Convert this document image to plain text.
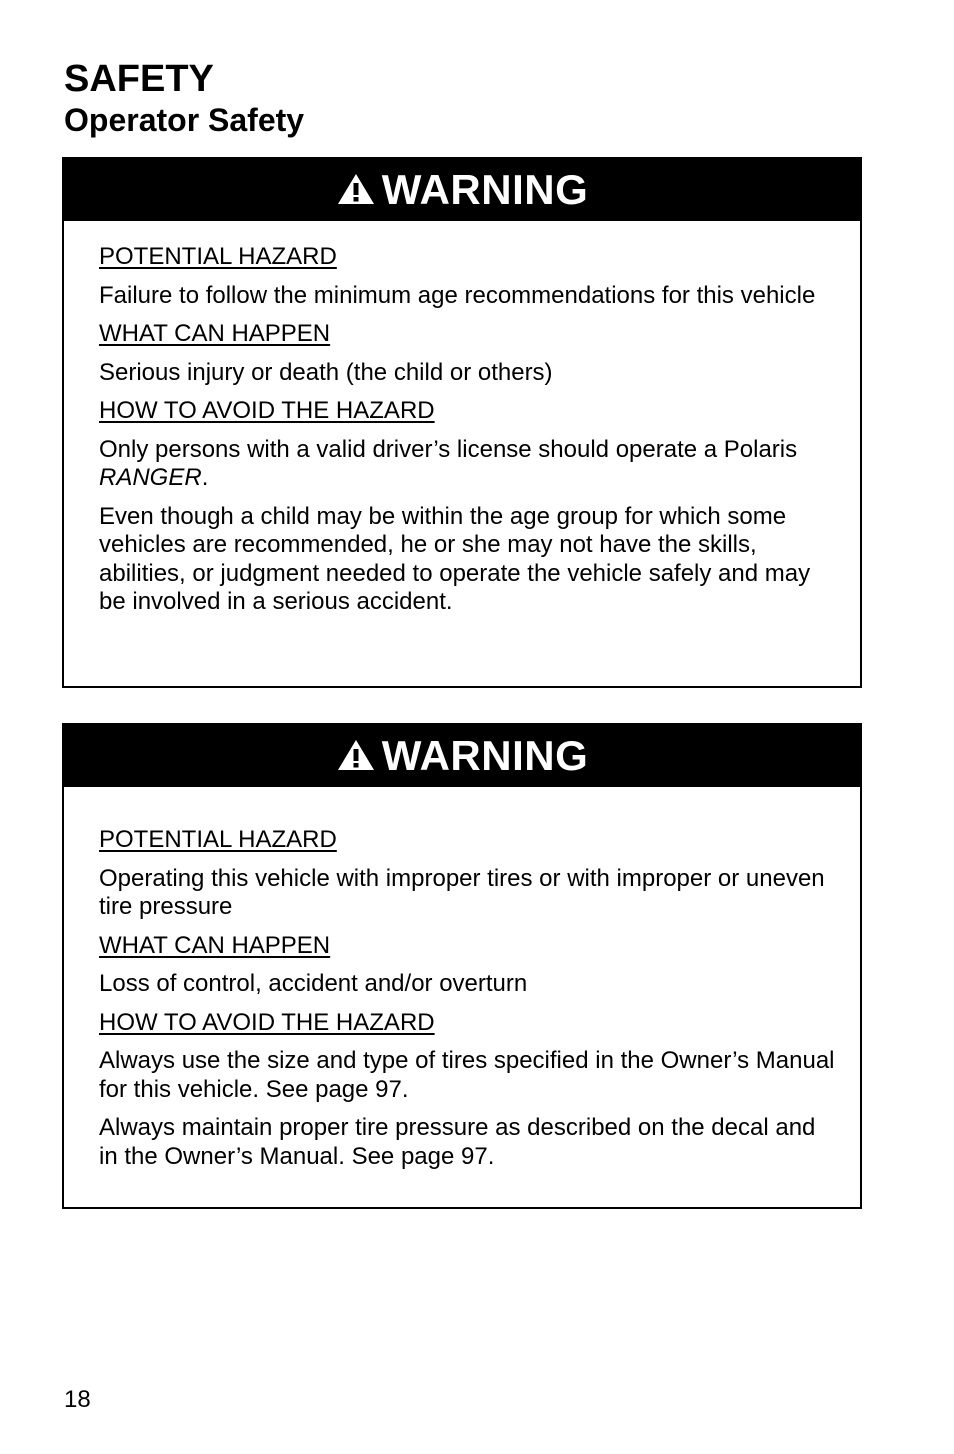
SAFETY
Operator Safety
WARNING

POTENTIAL HAZARD

Failure to follow the minimum age recommendations for this vehicle

WHAT CAN HAPPEN

Serious injury or death (the child or others)

HOW TO AVOID THE HAZARD

Only persons with a valid driver’s license should operate a Polaris RANGER.

Even though a child may be within the age group for which some vehicles are recommended, he or she may not have the skills, abilities, or judgment needed to operate the vehicle safely and may be involved in a serious accident.

WARNING

POTENTIAL HAZARD

Operating this vehicle with improper tires or with improper or uneven tire pressure

WHAT CAN HAPPEN

Loss of control, accident and/or overturn

HOW TO AVOID THE HAZARD

Always use the size and type of tires specified in the Owner’s Manual for this vehicle. See page 97.

Always maintain proper tire pressure as described on the decal and in the Owner’s Manual. See page 97.

18
